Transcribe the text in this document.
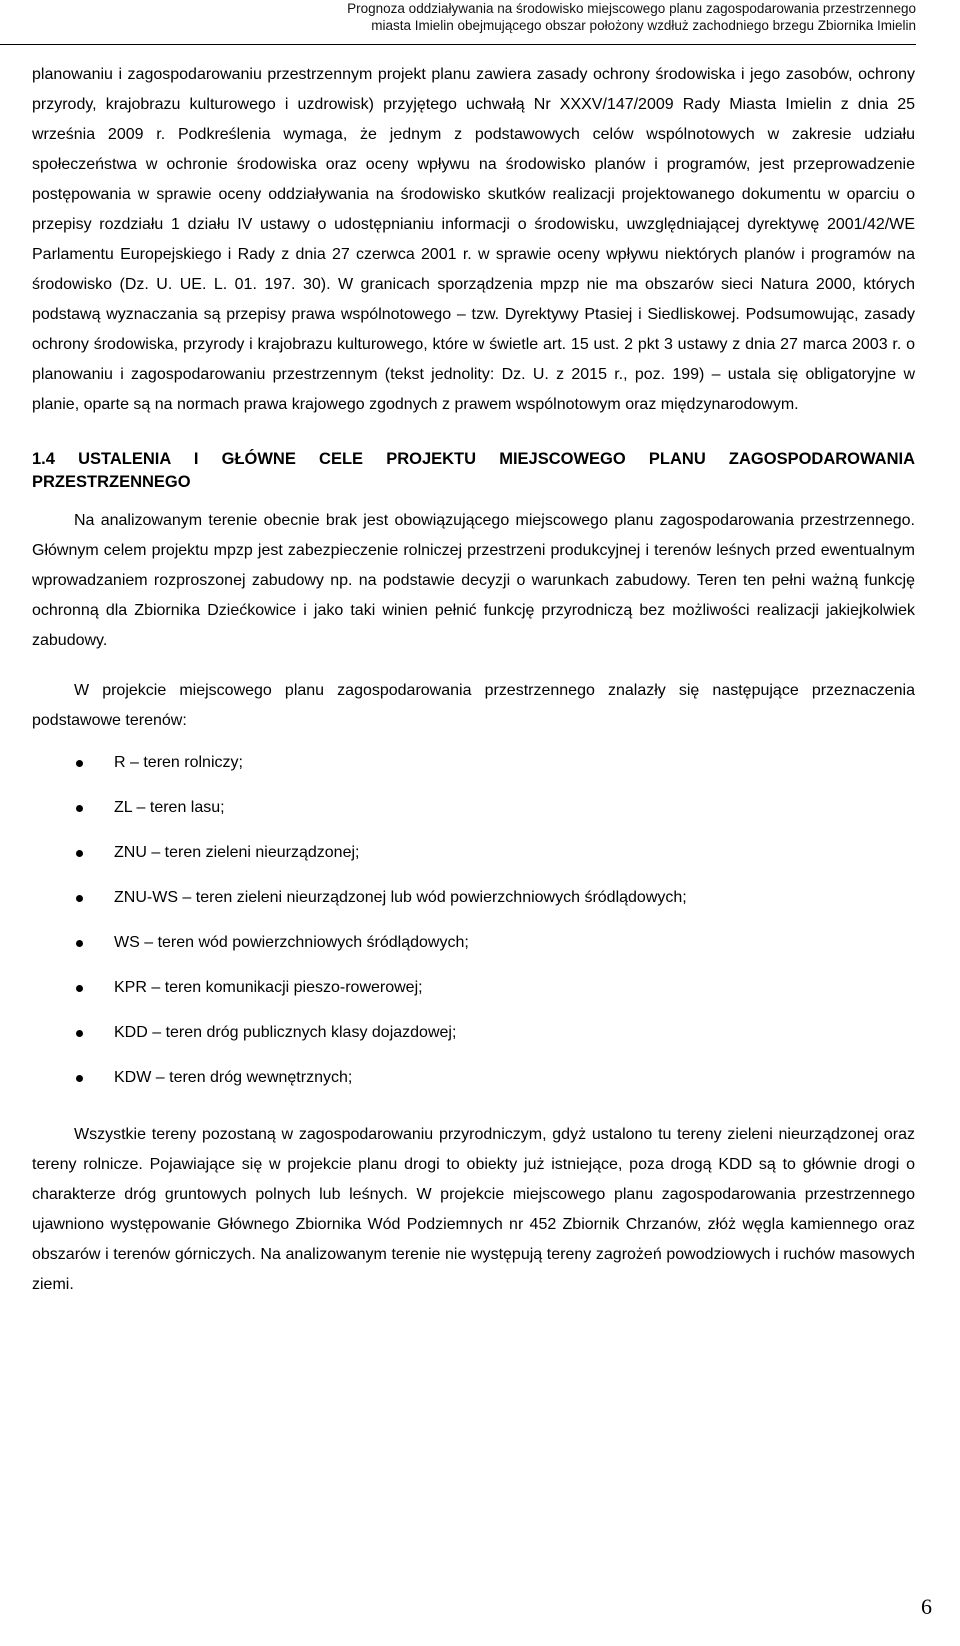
Prognoza oddziaływania na środowisko miejscowego planu zagospodarowania przestrzennego
miasta Imielin obejmującego obszar położony wzdłuż zachodniego brzegu Zbiornika Imielin

planowaniu i zagospodarowaniu przestrzennym projekt planu zawiera zasady ochrony środowiska i jego zasobów, ochrony przyrody, krajobrazu kulturowego i uzdrowisk) przyjętego uchwałą Nr XXXV/147/2009 Rady Miasta Imielin z dnia 25 września 2009 r. Podkreślenia wymaga, że jednym z podstawowych celów wspólnotowych w zakresie udziału społeczeństwa w ochronie środowiska oraz oceny wpływu na środowisko planów i programów, jest przeprowadzenie postępowania w sprawie oceny oddziaływania na środowisko skutków realizacji projektowanego dokumentu w oparciu o przepisy rozdziału 1 działu IV ustawy o udostępnianiu informacji o środowisku, uwzględniającej dyrektywę 2001/42/WE Parlamentu Europejskiego i Rady z dnia 27 czerwca 2001 r. w sprawie oceny wpływu niektórych planów i programów na środowisko (Dz. U. UE. L. 01. 197. 30). W granicach sporządzenia mpzp nie ma obszarów sieci Natura 2000, których podstawą wyznaczania są przepisy prawa wspólnotowego – tzw. Dyrektywy Ptasiej i Siedliskowej. Podsumowując, zasady ochrony środowiska, przyrody i krajobrazu kulturowego, które w świetle art. 15 ust. 2 pkt 3 ustawy z dnia 27 marca 2003 r. o planowaniu i zagospodarowaniu przestrzennym (tekst jednolity: Dz. U. z 2015 r., poz. 199) – ustala się obligatoryjne w planie, oparte są na normach prawa krajowego zgodnych z prawem wspólnotowym oraz międzynarodowym.

1.4 USTALENIA I GŁÓWNE CELE PROJEKTU MIEJSCOWEGO PLANU ZAGOSPODAROWANIA PRZESTRZENNEGO

Na analizowanym terenie obecnie brak jest obowiązującego miejscowego planu zagospodarowania przestrzennego. Głównym celem projektu mpzp jest zabezpieczenie rolniczej przestrzeni produkcyjnej i terenów leśnych przed ewentualnym wprowadzaniem rozproszonej zabudowy np. na podstawie decyzji o warunkach zabudowy. Teren ten pełni ważną funkcję ochronną dla Zbiornika Dziećkowice i jako taki winien pełnić funkcję przyrodniczą bez możliwości realizacji jakiejkolwiek zabudowy.

W projekcie miejscowego planu zagospodarowania przestrzennego znalazły się następujące przeznaczenia podstawowe terenów:

R – teren rolniczy;
ZL – teren lasu;
ZNU – teren zieleni nieurządzonej;
ZNU-WS – teren zieleni nieurządzonej lub wód powierzchniowych śródlądowych;
WS – teren wód powierzchniowych śródlądowych;
KPR – teren komunikacji pieszo-rowerowej;
KDD – teren dróg publicznych klasy dojazdowej;
KDW – teren dróg wewnętrznych;

Wszystkie tereny pozostaną w zagospodarowaniu przyrodniczym, gdyż ustalono tu tereny zieleni nieurządzonej oraz tereny rolnicze. Pojawiające się w projekcie planu drogi to obiekty już istniejące, poza drogą KDD są to głównie drogi o charakterze dróg gruntowych polnych lub leśnych. W projekcie miejscowego planu zagospodarowania przestrzennego ujawniono występowanie Głównego Zbiornika Wód Podziemnych nr 452 Zbiornik Chrzanów, złóż węgla kamiennego oraz obszarów i terenów górniczych. Na analizowanym terenie nie występują tereny zagrożeń powodziowych i ruchów masowych ziemi.

6
